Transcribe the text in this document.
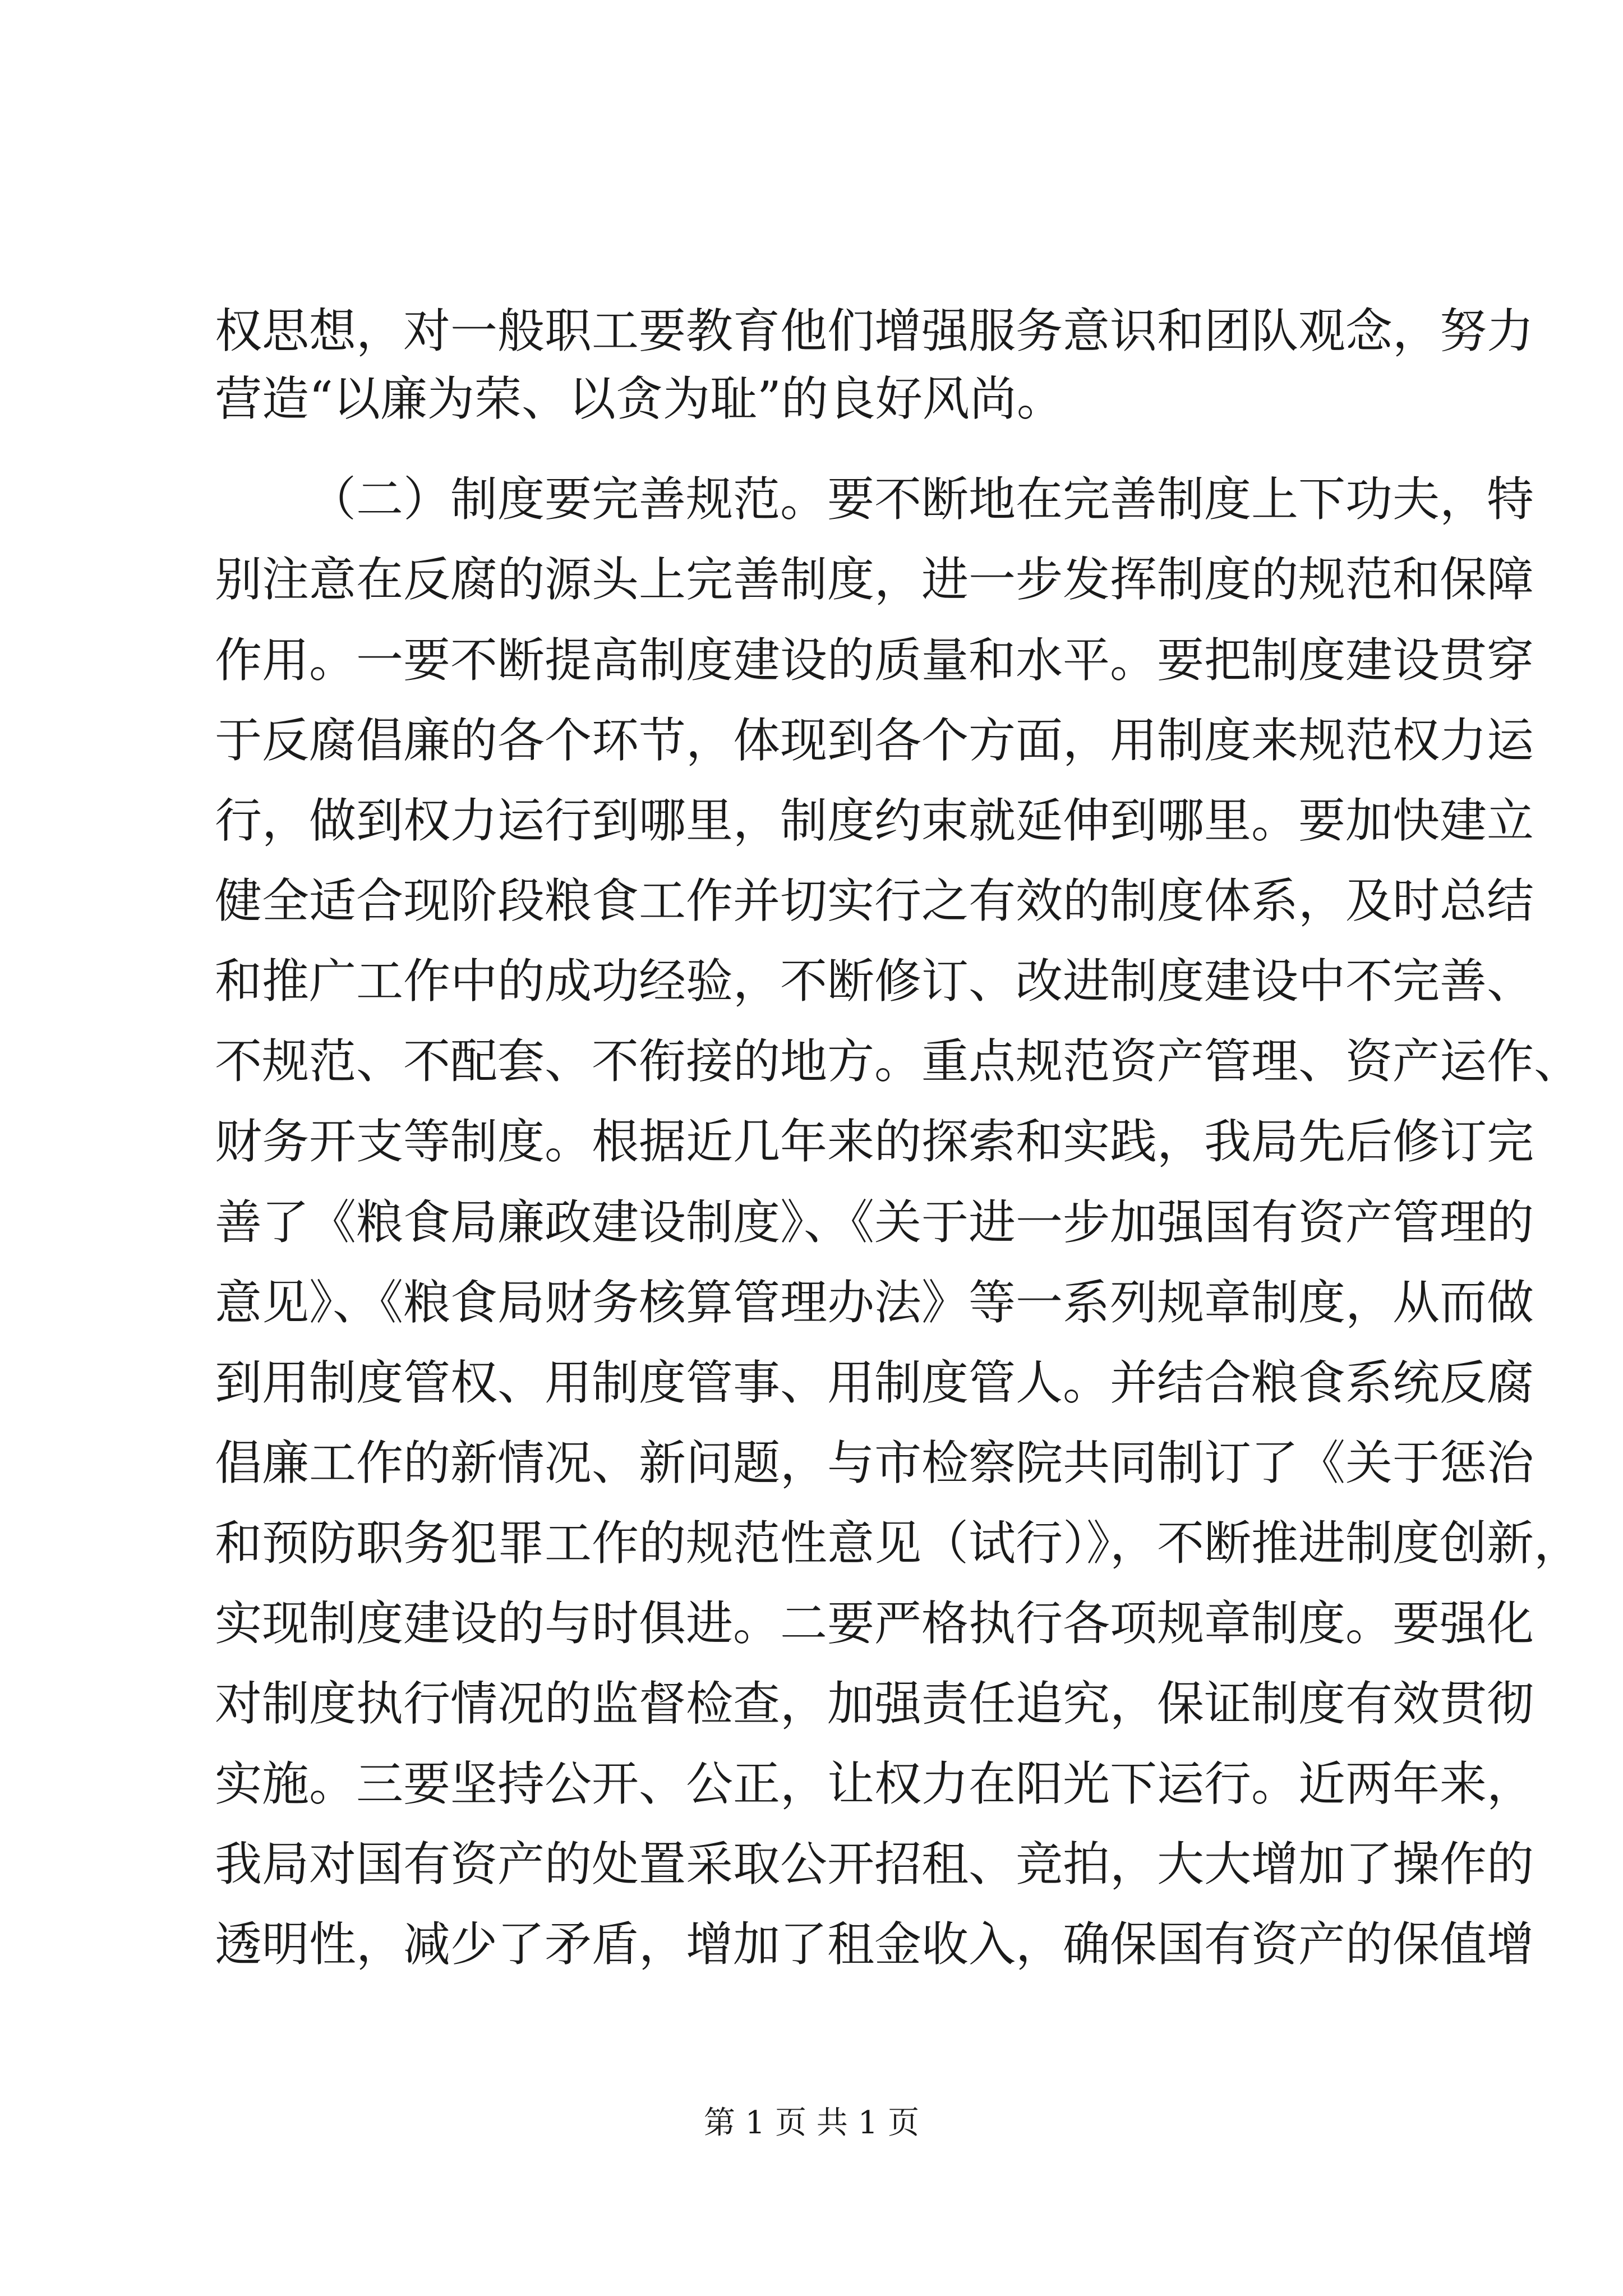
权思想，对一般职工要教育他们增强服务意识和团队观念，努力
营造“以廉为荣、以贪为耻”的良好风尚。
（二）制度要完善规范。要不断地在完善制度上下功夫，特
别注意在反腐的源头上完善制度，进一步发挥制度的规范和保障
作用。一要不断提高制度建设的质量和水平。要把制度建设贯穿
于反腐倡廉的各个环节，体现到各个方面，用制度来规范权力运
行，做到权力运行到哪里，制度约束就延伸到哪里。要加快建立
健全适合现阶段粮食工作并切实行之有效的制度体系，及时总结
和推广工作中的成功经验，不断修订、改进制度建设中不完善、
不规范、不配套、不衔接的地方。重点规范资产管理、资产运作、
财务开支等制度。根据近几年来的探索和实践，我局先后修订完
善了《粮食局廉政建设制度》、《关于进一步加强国有资产管理的
意见》、《粮食局财务核算管理办法》等一系列规章制度，从而做
到用制度管权、用制度管事、用制度管人。并结合粮食系统反腐
倡廉工作的新情况、新问题，与市检察院共同制订了《关于惩治
和预防职务犯罪工作的规范性意见（试行）》，不断推进制度创新，
实现制度建设的与时俱进。二要严格执行各项规章制度。要强化
对制度执行情况的监督检查，加强责任追究，保证制度有效贯彻
实施。三要坚持公开、公正，让权力在阳光下运行。近两年来，
我局对国有资产的处置采取公开招租、竞拍，大大增加了操作的
透明性，减少了矛盾，增加了租金收入，确保国有资产的保值增
第 1 页 共 1 页
